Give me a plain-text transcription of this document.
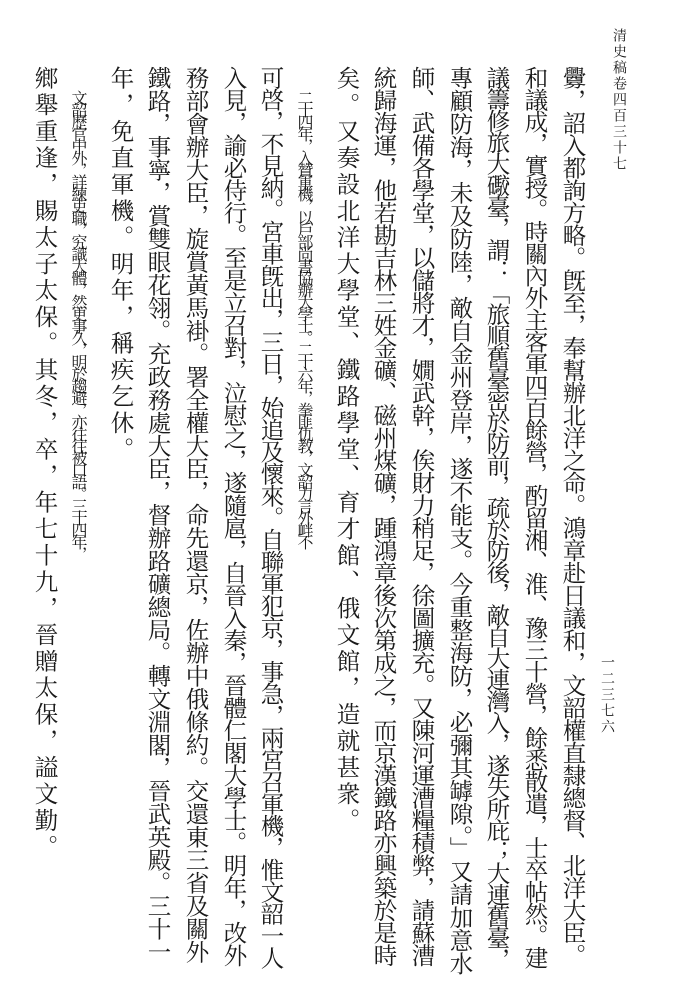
清史稿卷四百三十七
一二三七六
釁，詔入都詢方略。旣至，奉幫辦北洋之命。鴻章赴日議和，文韶權直隸總督、北洋大臣。
和議成，實授。時關內外主客軍四百餘營，酌留湘、淮、豫三十營，餘悉散遣，士卒帖然。建
議籌修旅大礮臺，謂：「旅順舊臺密於防前，疏於防後，敵自大連灣入，遂失所庇；大連舊臺，
專顧防海，未及防陸，敵自金州登岸，遂不能支。今重整海防，必彌其罅隙。」又請加意水
師、武備各學堂，以儲將才，嫺武幹，俟財力稍足，徐圖擴充。又陳河運漕糧積弊，請蘇漕
統歸海運，他若勘吉林三姓金礦、磁州煤礦，踵鴻章後次第成之，而京漢鐵路亦興築於是時
矣。又奏設北洋大學堂、鐵路學堂、育才館、俄文館，造就甚衆。
二十四年，入贊軍機，以戶部尚書協辦大學士。二十六年，拳匪仇教，文韶力言外衅不
可啓，不見納。宮車旣出，三日，始追及懷來。自聯軍犯京，事急，兩宮召軍機，惟文韶一人
入見，諭必侍行。至是立召對，泣慰之，遂隨扈，自晉入秦，晉體仁閣大學士。明年，改外
務部會辦大臣，旋賞黃馬褂。署全權大臣，命先還京，佐辦中俄條約。交還東三省及關外
鐵路，事寧，賞雙眼花翎。充政務處大臣，督辦路礦總局。轉文淵閣，晉武英殿。三十一
年，免直軍機。明年，稱疾乞休。
文韶歷官中外，詳練吏職，究識大體，然更事久，明於趨避，亦往往被口語。三十四年，
鄉舉重逢，賜太子太保。其冬，卒，年七十九，晉贈太保，謚文勤。
